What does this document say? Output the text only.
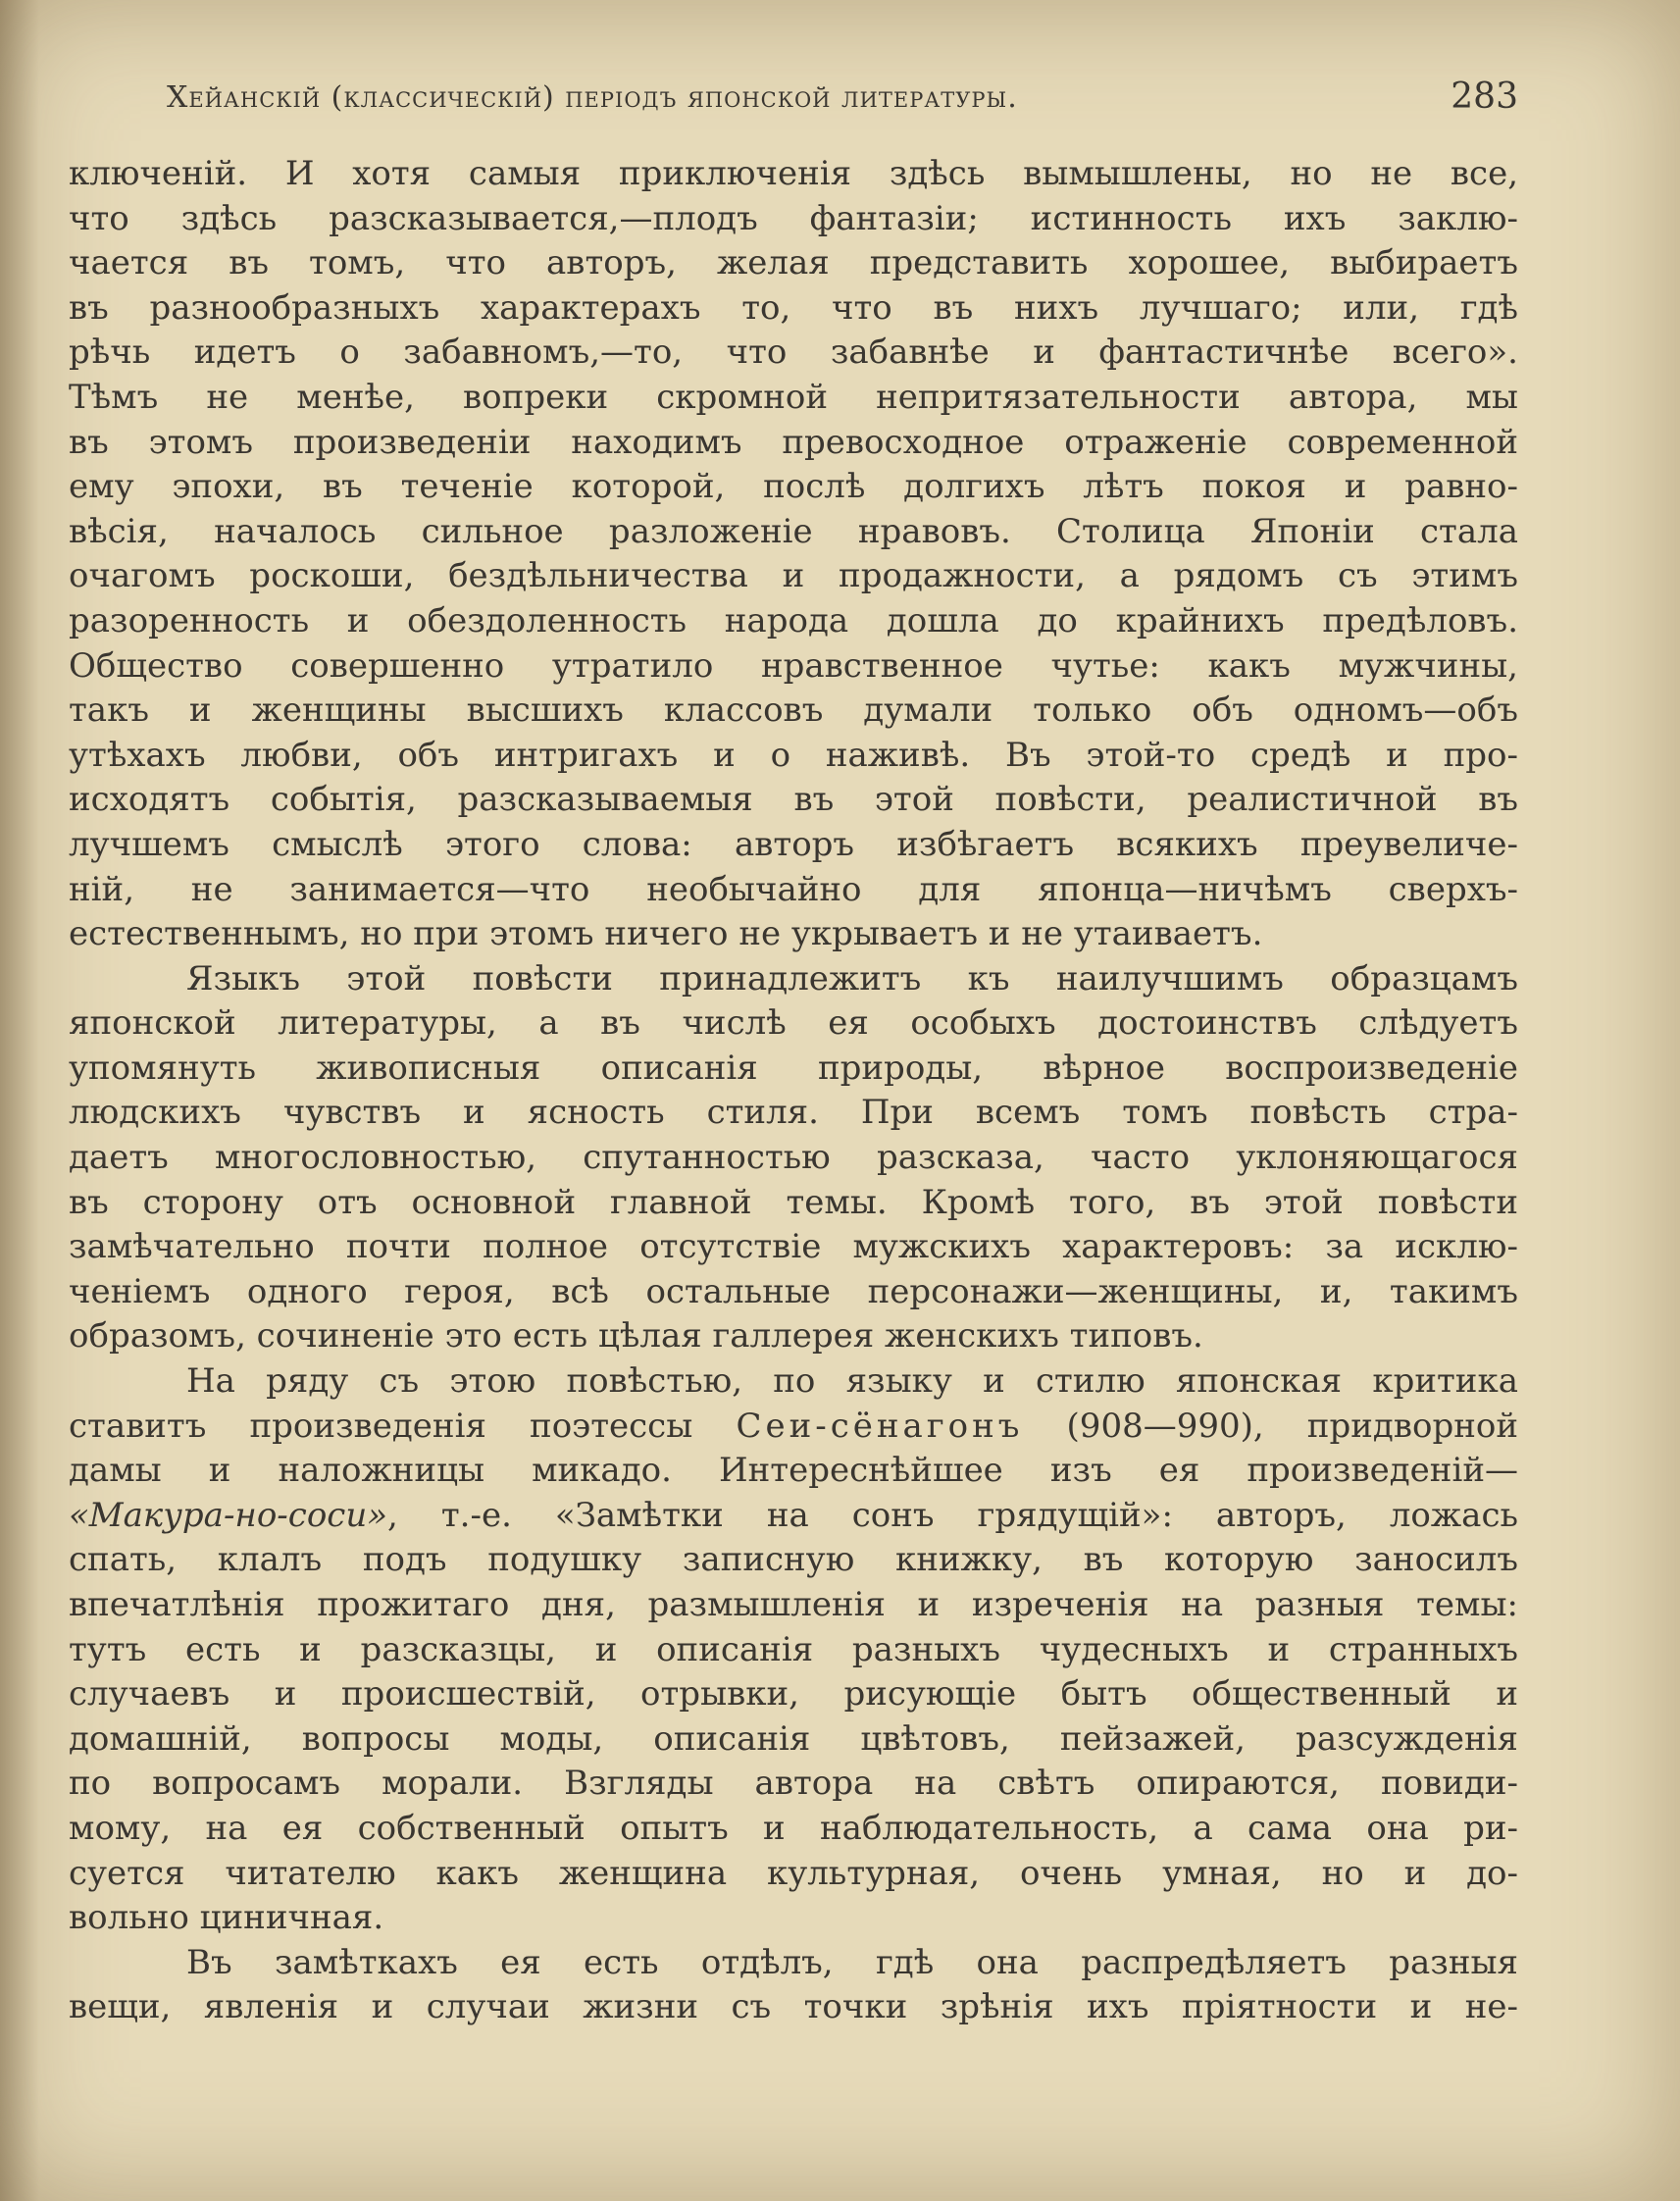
Хейанскій (классическій) періодъ японской литературы.	283
ключеній. И хотя самыя приключенія здѣсь вымышлены, но не все,
что здѣсь разсказывается,—плодъ фантазіи; истинность ихъ заклю-
чается въ томъ, что авторъ, желая представить хорошее, выбираетъ
въ разнообразныхъ характерахъ то, что въ нихъ лучшаго; или, гдѣ
рѣчь идетъ о забавномъ,—то, что забавнѣе и фантастичнѣе всего».
Тѣмъ не менѣе, вопреки скромной непритязательности автора, мы
въ этомъ произведеніи находимъ превосходное отраженіе современной
ему эпохи, въ теченіе которой, послѣ долгихъ лѣтъ покоя и равно-
вѣсія, началось сильное разложеніе нравовъ. Столица Японіи стала
очагомъ роскоши, бездѣльничества и продажности, а рядомъ съ этимъ
разоренность и обездоленность народа дошла до крайнихъ предѣловъ.
Общество совершенно утратило нравственное чутье: какъ мужчины,
такъ и женщины высшихъ классовъ думали только объ одномъ—объ
утѣхахъ любви, объ интригахъ и о наживѣ. Въ этой-то средѣ и про-
исходятъ событія, разсказываемыя въ этой повѣсти, реалистичной въ
лучшемъ смыслѣ этого слова: авторъ избѣгаетъ всякихъ преувеличе-
ній, не занимается—что необычайно для японца—ничѣмъ сверхъ-
естественнымъ, но при этомъ ничего не укрываетъ и не утаиваетъ.
Языкъ этой повѣсти принадлежитъ къ наилучшимъ образцамъ
японской литературы, а въ числѣ ея особыхъ достоинствъ слѣдуетъ
упомянуть живописныя описанія природы, вѣрное воспроизведеніе
людскихъ чувствъ и ясность стиля. При всемъ томъ повѣсть стра-
даетъ многословностью, спутанностью разсказа, часто уклоняющагося
въ сторону отъ основной главной темы. Кромѣ того, въ этой повѣсти
замѣчательно почти полное отсутствіе мужскихъ характеровъ: за исклю-
ченіемъ одного героя, всѣ остальные персонажи—женщины, и, такимъ
образомъ, сочиненіе это есть цѣлая галлерея женскихъ типовъ.
На ряду съ этою повѣстью, по языку и стилю японская критика
ставитъ произведенія поэтессы Сеи-сёнагонъ (908—990), придворной
дамы и наложницы микадо. Интереснѣйшее изъ ея произведеній—
«Макура-но-соси», т.-е. «Замѣтки на сонъ грядущій»: авторъ, ложась
спать, клалъ подъ подушку записную книжку, въ которую заносилъ
впечатлѣнія прожитаго дня, размышленія и изреченія на разныя темы:
тутъ есть и разсказцы, и описанія разныхъ чудесныхъ и странныхъ
случаевъ и происшествій, отрывки, рисующіе бытъ общественный и
домашній, вопросы моды, описанія цвѣтовъ, пейзажей, разсужденія
по вопросамъ морали. Взгляды автора на свѣтъ опираются, повиди-
мому, на ея собственный опытъ и наблюдательность, а сама она ри-
суется читателю какъ женщина культурная, очень умная, но и до-
вольно циничная.
Въ замѣткахъ ея есть отдѣлъ, гдѣ она распредѣляетъ разныя
вещи, явленія и случаи жизни съ точки зрѣнія ихъ пріятности и не-
